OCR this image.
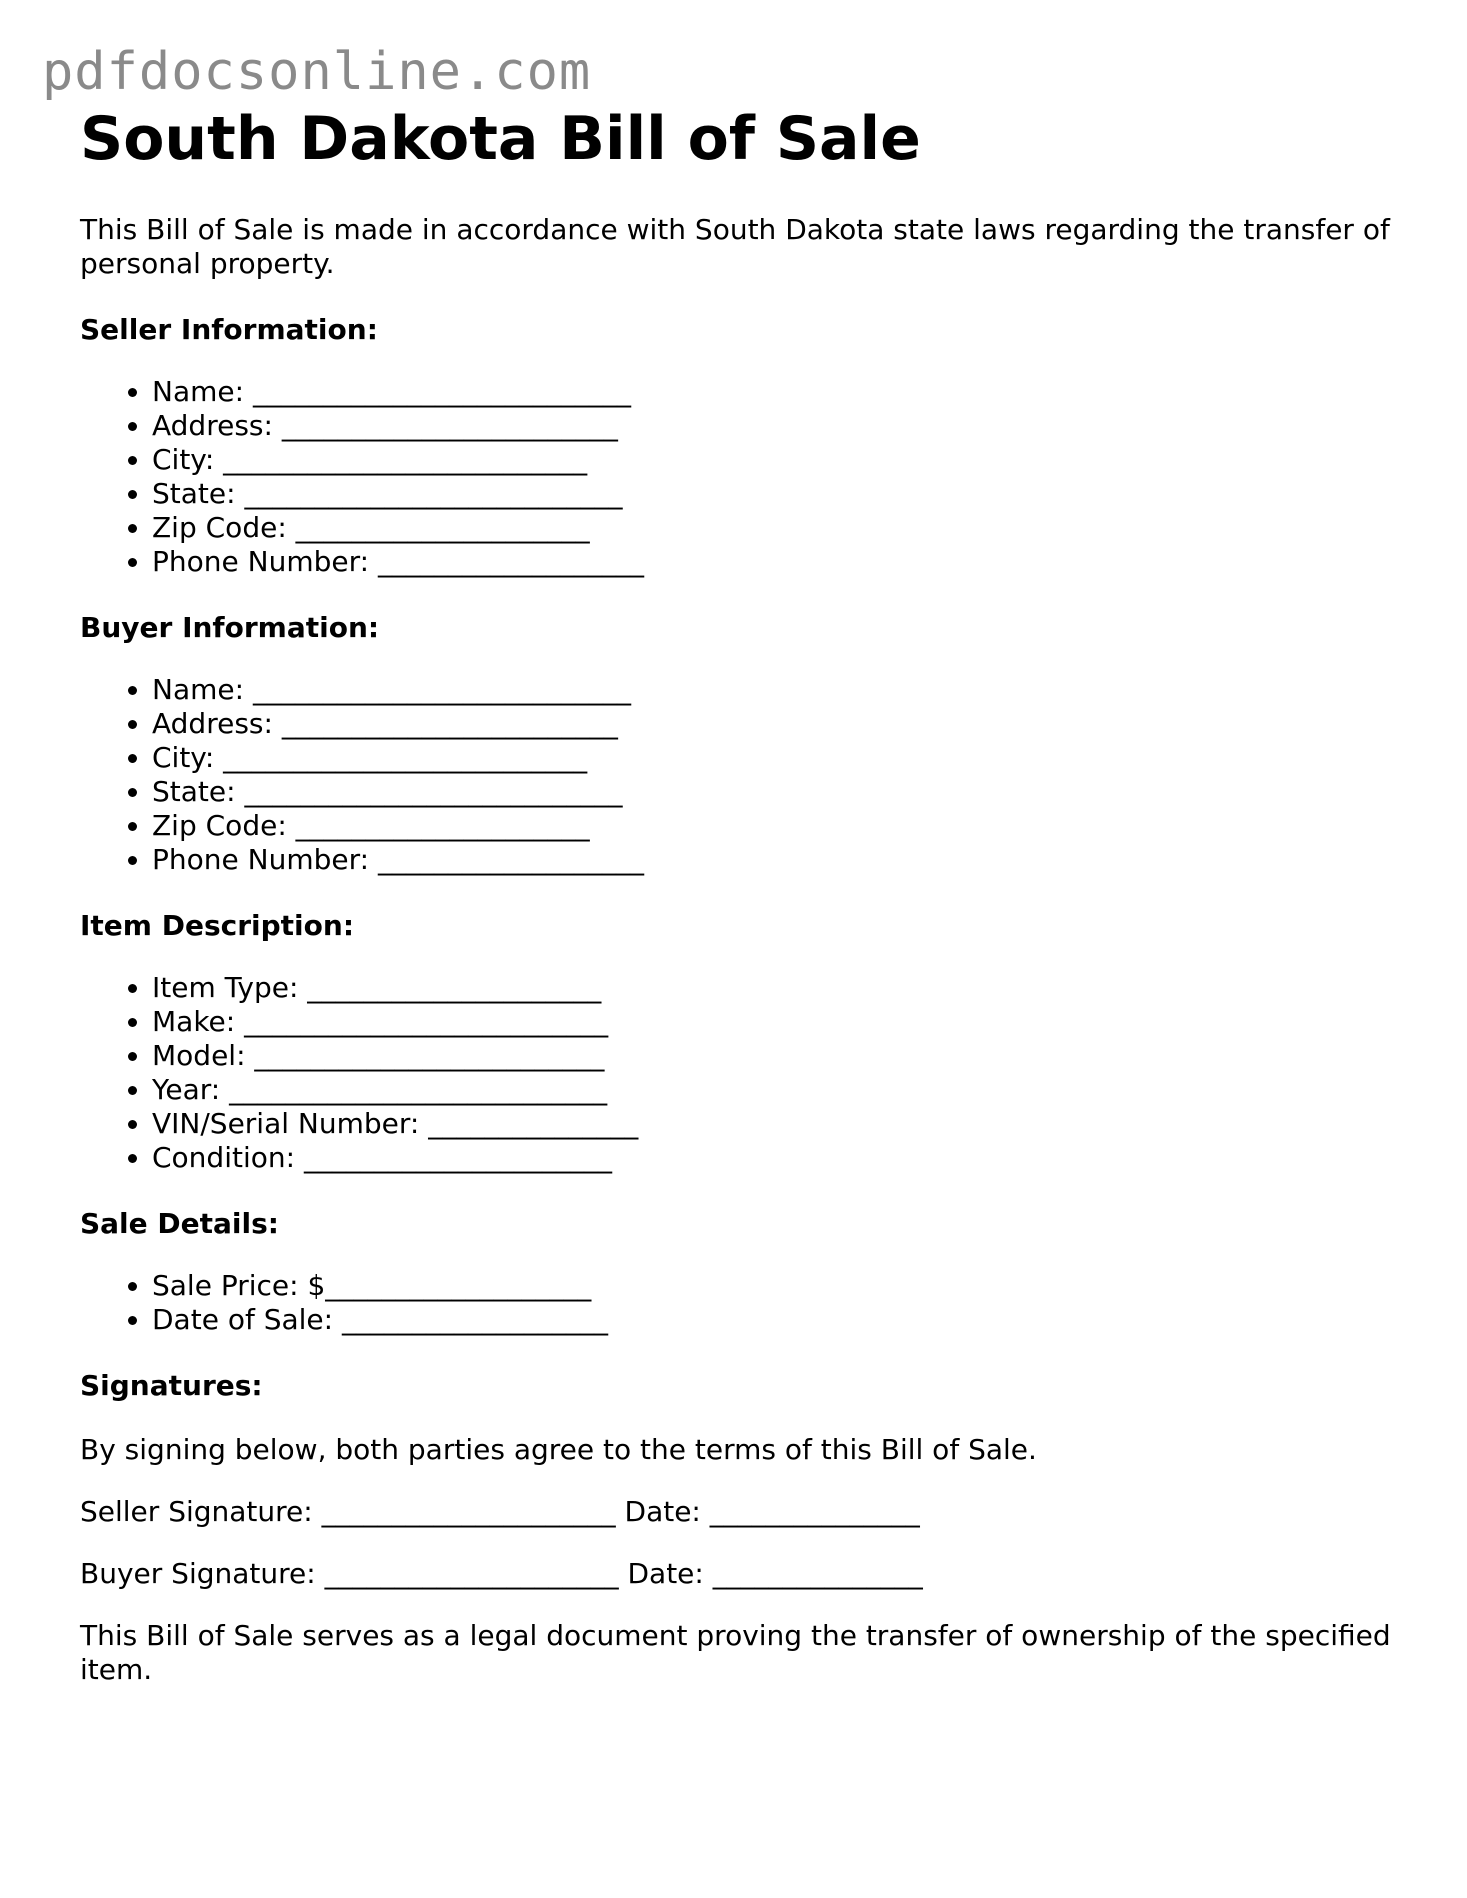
pdfdocsonline.com
South Dakota Bill of Sale

This Bill of Sale is made in accordance with South Dakota state laws regarding the transfer of personal property.

Seller Information:
• Name: ___________________________
• Address: ________________________
• City: __________________________
• State: ___________________________
• Zip Code: _____________________
• Phone Number: ___________________
Buyer Information:
• Name: ___________________________
• Address: ________________________
• City: __________________________
• State: ___________________________
• Zip Code: _____________________
• Phone Number: ___________________
Item Description:
• Item Type: _____________________
• Make: __________________________
• Model: _________________________
• Year: ___________________________
• VIN/Serial Number: _______________
• Condition: ______________________
Sale Details:
• Sale Price: $___________________
• Date of Sale: ___________________
Signatures:

By signing below, both parties agree to the terms of this Bill of Sale.

Seller Signature: _____________________ Date: _______________

Buyer Signature: _____________________ Date: _______________

This Bill of Sale serves as a legal document proving the transfer of ownership of the specified item.
